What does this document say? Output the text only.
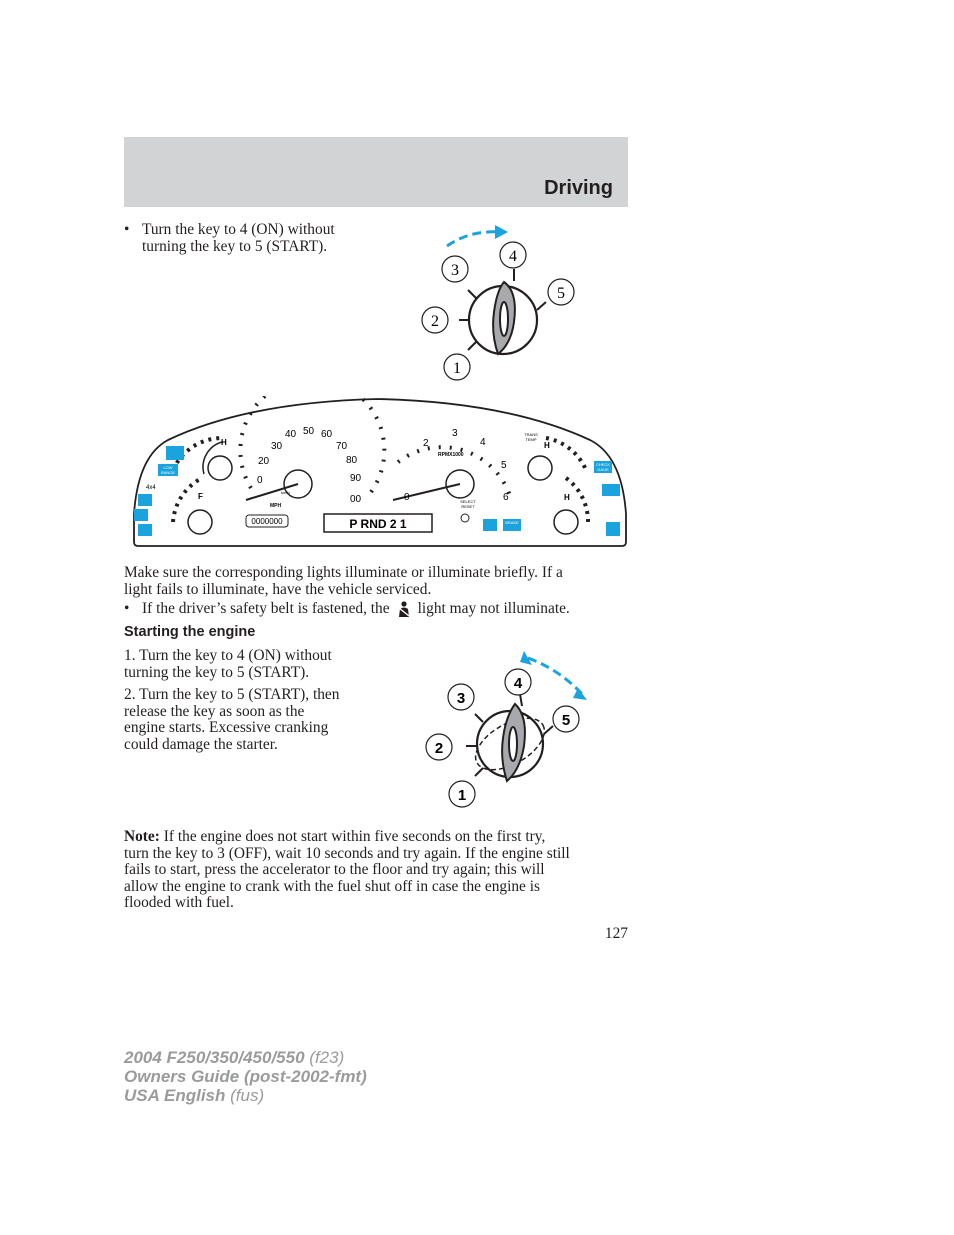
Driving
• Turn the key to 4 (ON) without
turning the key to 5 (START).
1
2
3
4
5
H
LOW
RANGE
F
4x4
0
20
30
40 50 60
70
80
90
00
MPH
km/h
0000000	P RND 2 1
0
2
3
4
5
6
RPMX1000
SELECT
RESET
BRAKE
TRANS
TEMP
H
CHECK
GAGE
H
Make sure the corresponding lights illuminate or illuminate briefly. If a
light fails to illuminate, have the vehicle serviced.
• If the driver’s safety belt is fastened, the light may not illuminate.
Starting the engine
1. Turn the key to 4 (ON) without
turning the key to 5 (START).
2. Turn the key to 5 (START), then
release the key as soon as the
engine starts. Excessive cranking
could damage the starter.
1
2
3
4
5
Note: If the engine does not start within five seconds on the first try,
turn the key to 3 (OFF), wait 10 seconds and try again. If the engine still
fails to start, press the accelerator to the floor and try again; this will
allow the engine to crank with the fuel shut off in case the engine is
flooded with fuel.
127
2004 F250/350/450/550 (f23)
Owners Guide (post-2002-fmt)
USA English (fus)
